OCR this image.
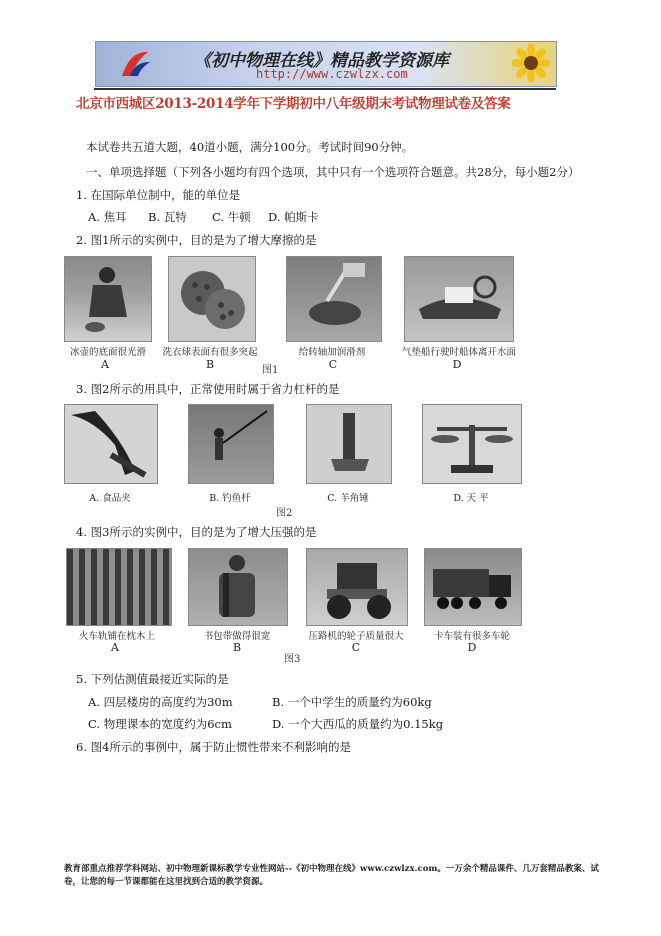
《初中物理在线》精品教学资源库
http://www.czwlzx.com
北京市西城区2013-2014学年下学期初中八年级期末考试物理试卷及答案
本试卷共五道大题，40道小题，满分100分。考试时间90分钟。
一、单项选择题（下列各小题均有四个选项，其中只有一个选项符合题意。共28分，每小题2分）
1. 在国际单位制中，能的单位是
A. 焦耳 B. 瓦特 C. 牛顿 D. 帕斯卡
2. 图1所示的实例中，目的是为了增大摩擦的是
冰壶的底面很光滑	洗衣球表面有很多突起	给转轴加润滑剂	气垫船行驶时船体离开水面
A	B	C	D
图1
3. 图2所示的用具中，正常使用时属于省力杠杆的是
A. 食品夹	B. 钓鱼杆	C. 羊角锤	D. 天 平
图2
4. 图3所示的实例中，目的是为了增大压强的是
火车轨铺在枕木上	书包带做得很宽	压路机的轮子质量很大	卡车装有很多车轮
A	B	C	D
图3
5. 下列估测值最接近实际的是
A. 四层楼房的高度约为30m	B. 一个中学生的质量约为60kg
C. 物理课本的宽度约为6cm	D. 一个大西瓜的质量约为0.15kg
6. 图4所示的事例中，属于防止惯性带来不利影响的是
教育部重点推荐学科网站、初中物理新课标教学专业性网站--《初中物理在线》www.czwlzx.com。一万余个精品课件、几万套精品教案、试卷，让您的每一节课都能在这里找到合适的教学资源。
